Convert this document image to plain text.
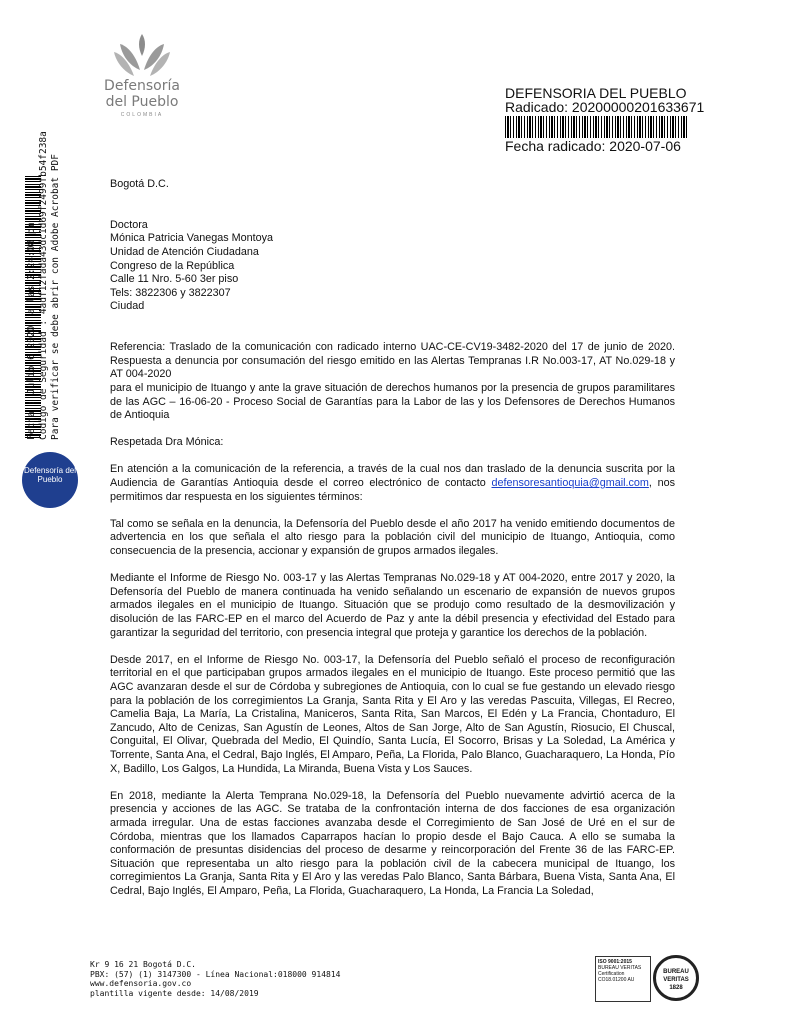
Defensoría
del Pueblo
COLOMBIA
DEFENSORIA DEL PUEBLO
Radicado: 20200000201633671
Fecha radicado: 2020-07-06
Fecha : Julio 6 2020, a las 2:24:08 pm Codigo de Seguridad : 4adf12fada43dc1d69f2499fb54f238a Para verificar se debe abrir con Adobe Acrobat PDF
Defensoría del Pueblo

Bogotá D.C.

Doctora

Mónica Patricia Vanegas Montoya

Unidad de Atención Ciudadana

Congreso de la República

Calle 11 Nro. 5-60 3er piso

Tels: 3822306 y 3822307

Ciudad

Referencia: Traslado de la comunicación con radicado interno UAC-CE-CV19-3482-2020 del 17 de junio de 2020. Respuesta a denuncia por consumación del riesgo emitido en las Alertas Tempranas I.R No.003-17, AT No.029-18 y AT 004-2020

para el municipio de Ituango y ante la grave situación de derechos humanos por la presencia de grupos paramilitares de las AGC – 16-06-20 - Proceso Social de Garantías para la Labor de las y los Defensores de Derechos Humanos de Antioquia

Respetada Dra Mónica:

En atención a la comunicación de la referencia, a través de la cual nos dan traslado de la denuncia suscrita por la Audiencia de Garantías Antioquia desde el correo electrónico de contacto defensoresantioquia@gmail.com, nos permitimos dar respuesta en los siguientes términos:

Tal como se señala en la denuncia, la Defensoría del Pueblo desde el año 2017 ha venido emitiendo documentos de advertencia en los que señala el alto riesgo para la población civil del municipio de Ituango, Antioquia, como consecuencia de la presencia, accionar y expansión de grupos armados ilegales.

Mediante el Informe de Riesgo No. 003-17 y las Alertas Tempranas No.029-18 y AT 004-2020, entre 2017 y 2020, la Defensoría del Pueblo de manera continuada ha venido señalando un escenario de expansión de nuevos grupos armados ilegales en el municipio de Ituango. Situación que se produjo como resultado de la desmovilización y disolución de las FARC-EP en el marco del Acuerdo de Paz y ante la débil presencia y efectividad del Estado para garantizar la seguridad del territorio, con presencia integral que proteja y garantice los derechos de la población.

Desde 2017, en el Informe de Riesgo No. 003-17, la Defensoría del Pueblo señaló el proceso de reconfiguración territorial en el que participaban grupos armados ilegales en el municipio de Ituango. Este proceso permitió que las AGC avanzaran desde el sur de Córdoba y subregiones de Antioquia, con lo cual se fue gestando un elevado riesgo para la población de los corregimientos La Granja, Santa Rita y El Aro y las veredas Pascuita, Villegas, El Recreo, Camelia Baja, La María, La Cristalina, Maniceros, Santa Rita, San Marcos, El Edén y La Francia, Chontaduro, El Zancudo, Alto de Cenizas, San Agustín de Leones, Altos de San Jorge, Alto de San Agustín, Riosucio, El Chuscal, Conguital, El Olivar, Quebrada del Medio, El Quindío, Santa Lucía, El Socorro, Brisas y La Soledad, La América y Torrente, Santa Ana, el Cedral, Bajo Inglés, El Amparo, Peña, La Florida, Palo Blanco, Guacharaquero, La Honda, Pío X, Badillo, Los Galgos, La Hundida, La Miranda, Buena Vista y Los Sauces.

En 2018, mediante la Alerta Temprana No.029-18, la Defensoría del Pueblo nuevamente advirtió acerca de la presencia y acciones de las AGC. Se trataba de la confrontación interna de dos facciones de esa organización armada irregular. Una de estas facciones avanzaba desde el Corregimiento de San José de Uré en el sur de Córdoba, mientras que los llamados Caparrapos hacían lo propio desde el Bajo Cauca. A ello se sumaba la conformación de presuntas disidencias del proceso de desarme y reincorporación del Frente 36 de las FARC-EP. Situación que representaba un alto riesgo para la población civil de la cabecera municipal de Ituango, los corregimientos La Granja, Santa Rita y El Aro y las veredas Palo Blanco, Santa Bárbara, Buena Vista, Santa Ana, El Cedral, Bajo Inglés, El Amparo, Peña, La Florida, Guacharaquero, La Honda, La Francia La Soledad,

Kr 9 16 21 Bogotá D.C.
PBX: (57) (1) 3147300 - Línea Nacional:018000 914814
www.defensoria.gov.co
plantilla vigente desde: 14/08/2019
ISO 9001:2015
BUREAU VERITAS Certification
CO18.01200 AU
BUREAU VERITAS 1828
